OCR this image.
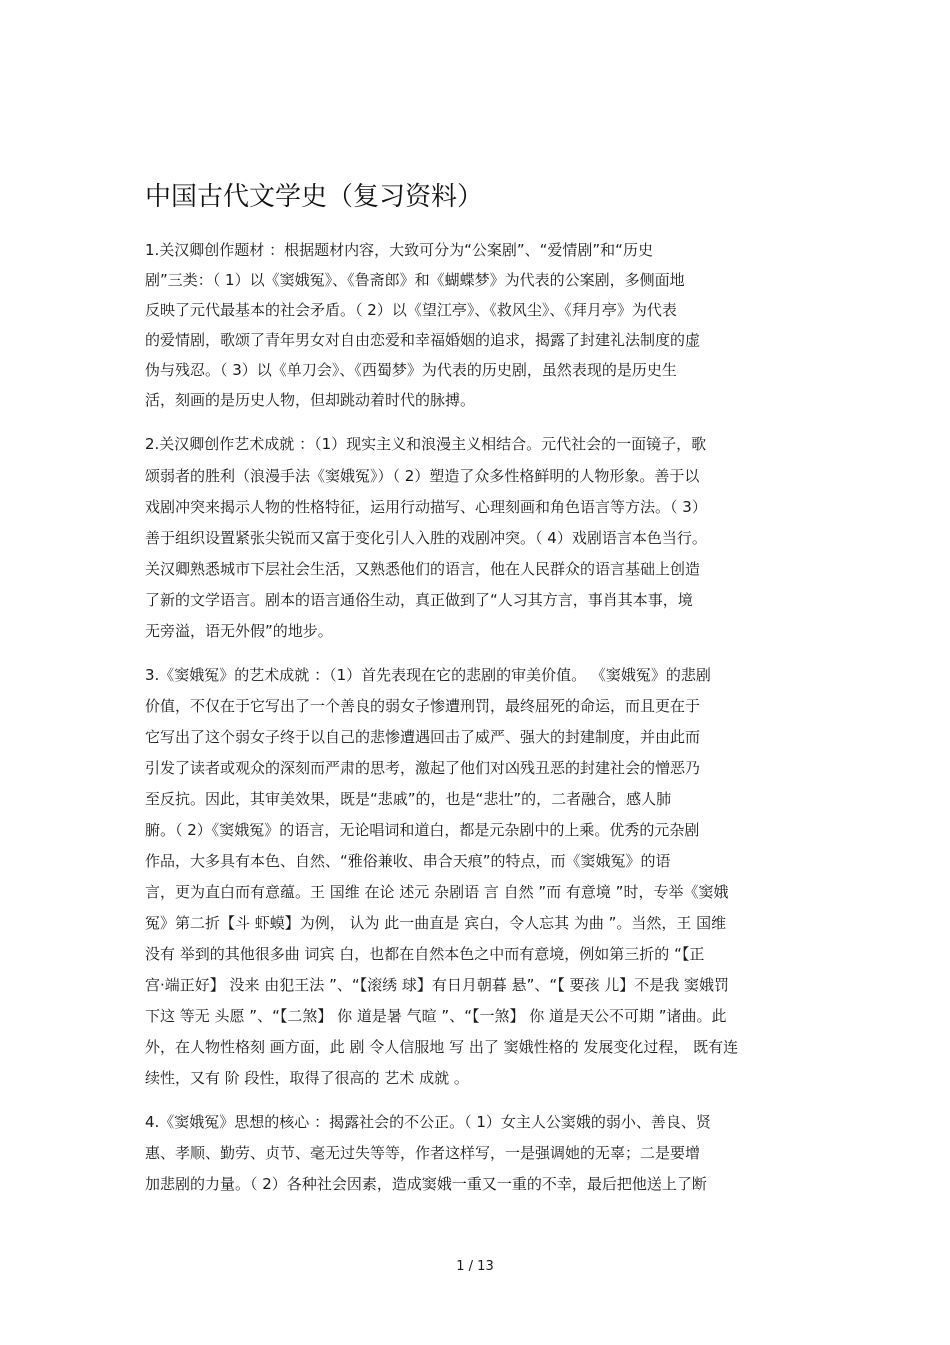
中国古代文学史（复习资料）
1.关汉卿创作题材 ：根据题材内容，大致可分为“公案剧”、“爱情剧”和“历史
剧”三类：（ 1）以《窦娥冤》、《鲁斋郎》和《蝴蝶梦》为代表的公案剧，多侧面地
反映了元代最基本的社会矛盾。（ 2）以《望江亭》、《救风尘》、《拜月亭》为代表
的爱情剧，歌颂了青年男女对自由恋爱和幸福婚姻的追求，揭露了封建礼法制度的虚
伪与残忍。（ 3）以《单刀会》、《西蜀梦》为代表的历史剧，虽然表现的是历史生
活，刻画的是历史人物，但却跳动着时代的脉搏。
2.关汉卿创作艺术成就 ：（1）现实主义和浪漫主义相结合。元代社会的一面镜子，歌
颂弱者的胜利（浪漫手法《窦娥冤》）（ 2）塑造了众多性格鲜明的人物形象。善于以
戏剧冲突来揭示人物的性格特征，运用行动描写、心理刻画和角色语言等方法。（ 3）
善于组织设置紧张尖锐而又富于变化引人入胜的戏剧冲突。（ 4）戏剧语言本色当行。
关汉卿熟悉城市下层社会生活，又熟悉他们的语言，他在人民群众的语言基础上创造
了新的文学语言。剧本的语言通俗生动，真正做到了“人习其方言，事肖其本事，境
无旁溢，语无外假”的地步。
3.《窦娥冤》的艺术成就 ：（1）首先表现在它的悲剧的审美价值。 《窦娥冤》的悲剧
价值，不仅在于它写出了一个善良的弱女子惨遭刑罚，最终屈死的命运，而且更在于
它写出了这个弱女子终于以自己的悲惨遭遇回击了威严、强大的封建制度，并由此而
引发了读者或观众的深刻而严肃的思考，激起了他们对凶残丑恶的封建社会的憎恶乃
至反抗。因此，其审美效果，既是“悲戚”的，也是“悲壮”的，二者融合，感人肺
腑。（ 2）《窦娥冤》的语言，无论唱词和道白，都是元杂剧中的上乘。优秀的元杂剧
作品，大多具有本色、自然、“雅俗兼收、串合天痕”的特点，而《窦娥冤》的语
言，更为直白而有意蕴。王 国维 在论 述元 杂剧语 言 自然 ”而 有意境 ”时，专举《窦娥
冤》第二折【斗 虾蟆】为例， 认为 此一曲直是 宾白，令人忘其 为曲 ”。当然，王 国维
没有 举到的其他很多曲 词宾 白，也都在自然本色之中而有意境，例如第三折的 “【正
宫·端正好】 没来 由犯王法 ”、“【滚绣 球】有日月朝暮 悬”、“【 要孩 儿】不是我 窦娥罚
下这 等无 头愿 ”、“【二煞】 你 道是暑 气暄 ”、“【一煞】 你 道是天公不可期 ”诸曲。此
外，在人物性格刻 画方面，此 剧 令人信服地 写 出了 窦娥性格的 发展变化过程， 既有连
续性，又有 阶 段性，取得了很高的 艺术 成就 。
4.《窦娥冤》思想的核心 ：揭露社会的不公正。（ 1）女主人公窦娥的弱小、善良、贤
惠、孝顺、勤劳、贞节、毫无过失等等，作者这样写，一是强调她的无辜；二是要增
加悲剧的力量。（ 2）各种社会因素，造成窦娥一重又一重的不幸，最后把他送上了断
1 / 13
